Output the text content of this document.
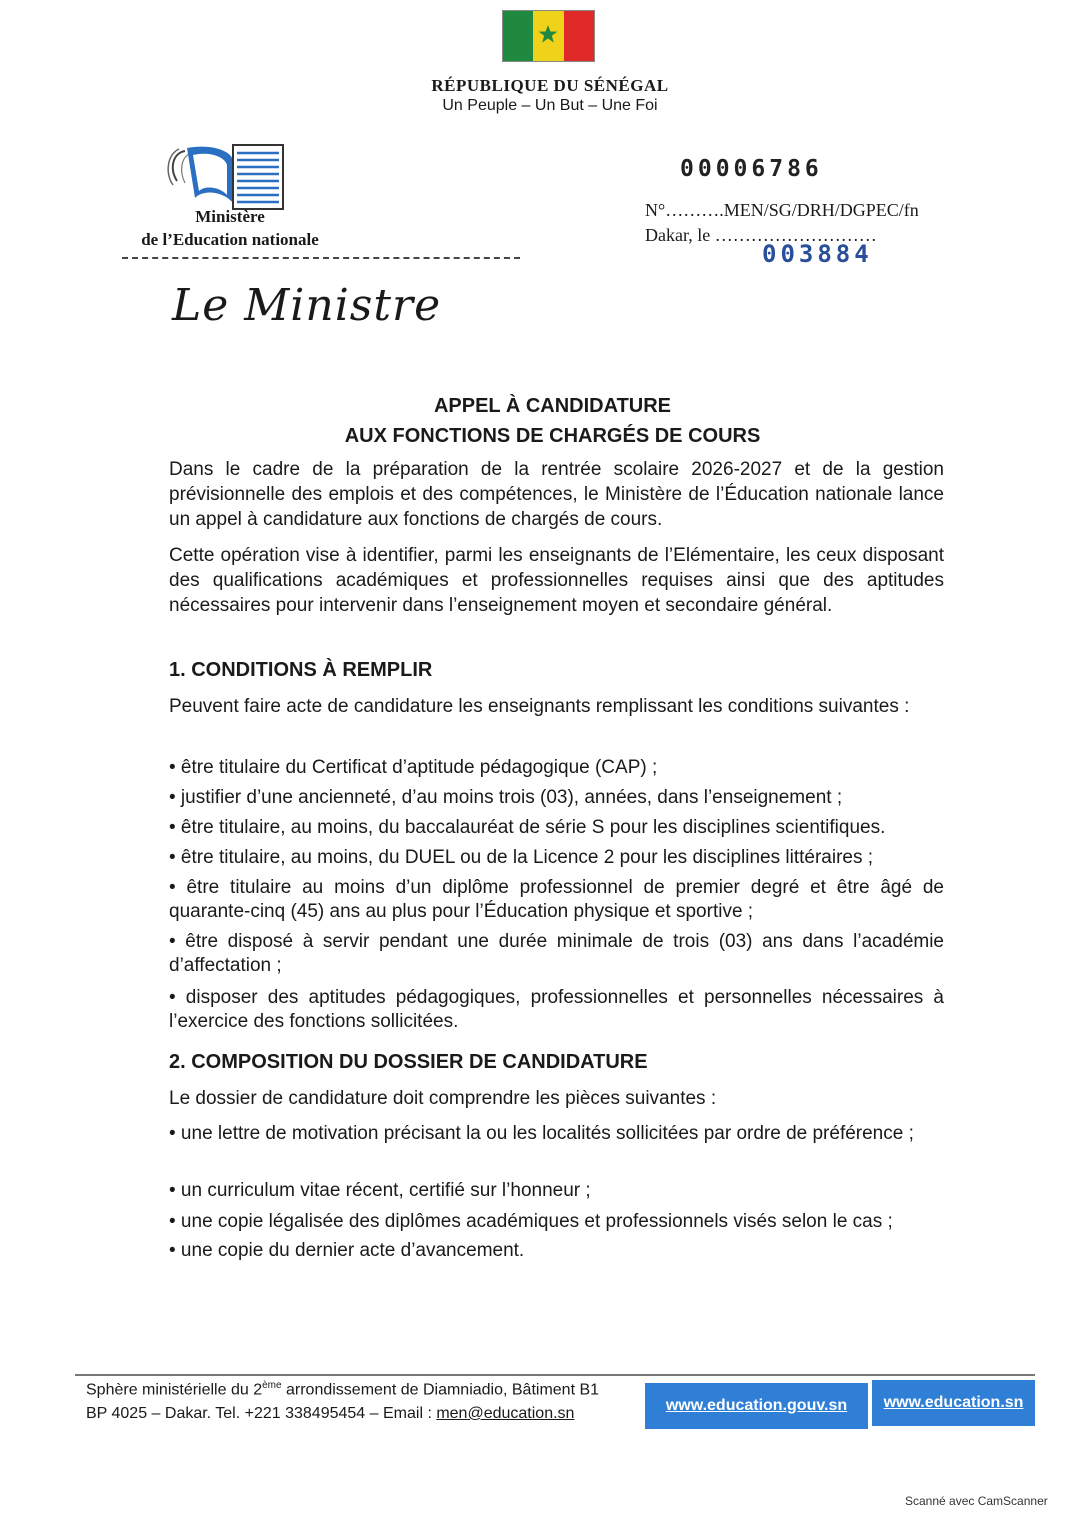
RÉPUBLIQUE DU SÉNÉGAL
Un Peuple – Un But – Une Foi
Ministère
de l’Education nationale
Le Ministre
00006786
N°……….MEN/SG/DRH/DGPEC/fn
Dakar, le ………………………
003884
APPEL À CANDIDATURE
AUX FONCTIONS DE CHARGÉS DE COURS
Dans le cadre de la préparation de la rentrée scolaire 2026-2027 et de la gestion prévisionnelle des emplois et des compétences, le Ministère de l’Éducation nationale lance un appel à candidature aux fonctions de chargés de cours.
Cette opération vise à identifier, parmi les enseignants de l’Elémentaire, les ceux disposant des qualifications académiques et professionnelles requises ainsi que des aptitudes nécessaires pour intervenir dans l’enseignement moyen et secondaire général.
1. CONDITIONS À REMPLIR
Peuvent faire acte de candidature les enseignants remplissant les conditions suivantes :
• être titulaire du Certificat d’aptitude pédagogique (CAP) ;
• justifier d’une ancienneté, d’au moins trois (03), années, dans l’enseignement ;
• être titulaire, au moins, du baccalauréat de série S pour les disciplines scientifiques.
• être titulaire, au moins, du DUEL ou de la Licence 2 pour les disciplines littéraires ;
• être titulaire au moins d’un diplôme professionnel de premier degré et être âgé de quarante-cinq (45) ans au plus pour l’Éducation physique et sportive ;
• être disposé à servir pendant une durée minimale de trois (03) ans dans l’académie d’affectation ;
• disposer des aptitudes pédagogiques, professionnelles et personnelles nécessaires à l’exercice des fonctions sollicitées.
2. COMPOSITION DU DOSSIER DE CANDIDATURE
Le dossier de candidature doit comprendre les pièces suivantes :
• une lettre de motivation précisant la ou les localités sollicitées par ordre de préférence ;
• un curriculum vitae récent, certifié sur l’honneur ;
• une copie légalisée des diplômes académiques et professionnels visés selon le cas ;
• une copie du dernier acte d’avancement.
Sphère ministérielle du 2ème arrondissement de Diamniadio, Bâtiment B1
BP 4025 – Dakar. Tel. +221 338495454 – Email : men@education.sn	www.education.gouv.sn	www.education.sn
Scanné avec CamScanner
